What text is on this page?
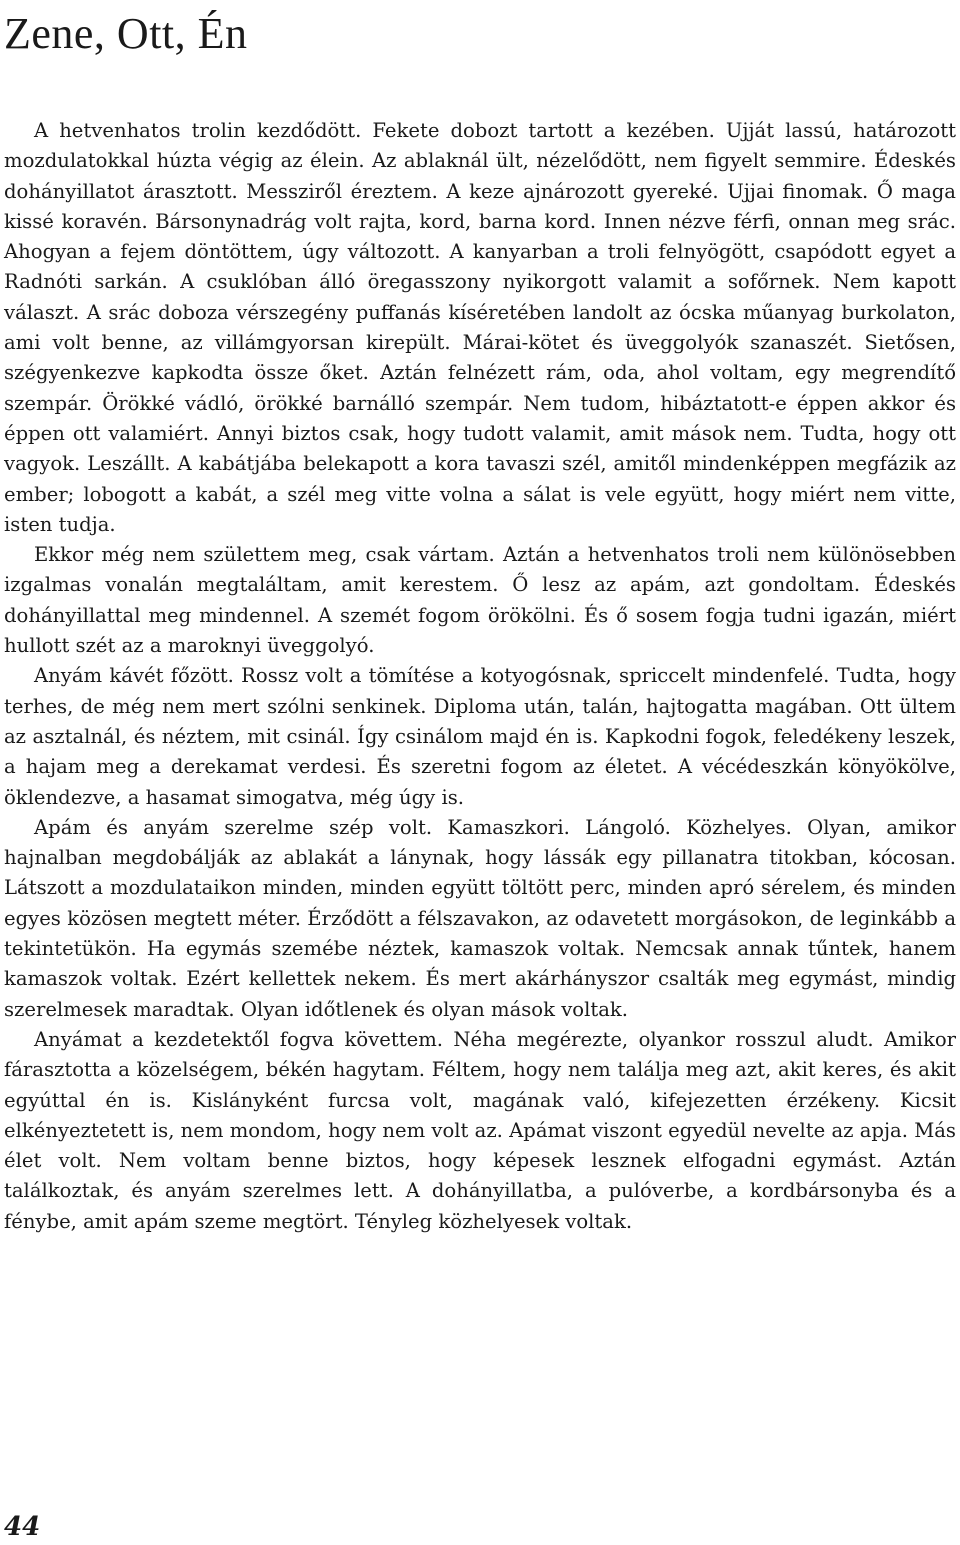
Zene, Ott, Én

A hetvenhatos trolin kezdődött. Fekete dobozt tartott a kezében. Ujját lassú, határozott mozdulatokkal húzta végig az élein. Az ablaknál ült, nézelődött, nem figyelt semmire. Édeskés dohányillatot árasztott. Messziről éreztem. A keze ajnározott gyereké. Ujjai finomak. Ő maga kissé koravén. Bársonynadrág volt rajta, kord, barna kord. Innen nézve férfi, onnan meg srác. Ahogyan a fejem döntöttem, úgy változott. A kanyarban a troli felnyögött, csapódott egyet a Radnóti sarkán. A csuklóban álló öregasszony nyikorgott valamit a sofőrnek. Nem kapott választ. A srác doboza vérszegény puffanás kíséretében landolt az ócska műanyag burkolaton, ami volt benne, az villámgyorsan kirepült. Márai-kötet és üveggolyók szanaszét. Sietősen, szégyenkezve kapkodta össze őket. Aztán felnézett rám, oda, ahol voltam, egy megrendítő szempár. Örökké vádló, örökké barnálló szempár. Nem tudom, hibáztatott-e éppen akkor és éppen ott valamiért. Annyi biztos csak, hogy tudott valamit, amit mások nem. Tudta, hogy ott vagyok. Leszállt. A kabátjába belekapott a kora tavaszi szél, amitől mindenképpen megfázik az ember; lobogott a kabát, a szél meg vitte volna a sálat is vele együtt, hogy miért nem vitte, isten tudja.

Ekkor még nem születtem meg, csak vártam. Aztán a hetvenhatos troli nem különösebben izgalmas vonalán megtaláltam, amit kerestem. Ő lesz az apám, azt gondoltam. Édeskés dohányillattal meg mindennel. A szemét fogom örökölni. És ő sosem fogja tudni igazán, miért hullott szét az a maroknyi üveggolyó.

Anyám kávét főzött. Rossz volt a tömítése a kotyogósnak, spriccelt mindenfelé. Tudta, hogy terhes, de még nem mert szólni senkinek. Diploma után, talán, hajtogatta magában. Ott ültem az asztalnál, és néztem, mit csinál. Így csinálom majd én is. Kapkodni fogok, feledékeny leszek, a hajam meg a derekamat verdesi. És szeretni fogom az életet. A vécédeszkán könyökölve, öklendezve, a hasamat simogatva, még úgy is.

Apám és anyám szerelme szép volt. Kamaszkori. Lángoló. Közhelyes. Olyan, amikor hajnalban megdobálják az ablakát a lánynak, hogy lássák egy pillanatra titokban, kócosan. Látszott a mozdulataikon minden, minden együtt töltött perc, minden apró sérelem, és minden egyes közösen megtett méter. Érződött a félszavakon, az odavetett morgásokon, de leginkább a tekintetükön. Ha egymás szemébe néztek, kamaszok voltak. Nemcsak annak tűntek, hanem kamaszok voltak. Ezért kellettek nekem. És mert akárhányszor csalták meg egymást, mindig szerelmesek maradtak. Olyan időtlenek és olyan mások voltak.

Anyámat a kezdetektől fogva követtem. Néha megérezte, olyankor rosszul aludt. Amikor fárasztotta a közelségem, békén hagytam. Féltem, hogy nem találja meg azt, akit keres, és akit egyúttal én is. Kislányként furcsa volt, magának való, kifejezetten érzékeny. Kicsit elkényeztetett is, nem mondom, hogy nem volt az. Apámat viszont egyedül nevelte az apja. Más élet volt. Nem voltam benne biztos, hogy képesek lesznek elfogadni egymást. Aztán találkoztak, és anyám szerelmes lett. A dohányillatba, a pulóverbe, a kordbársonyba és a fénybe, amit apám szeme megtört. Tényleg közhelyesek voltak.

44
